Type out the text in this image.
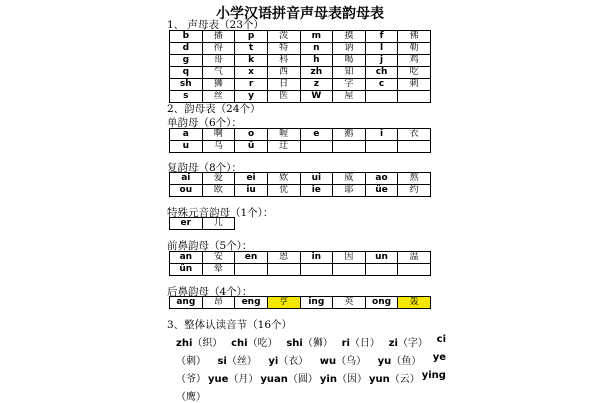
小学汉语拼音声母表韵母表
1、 声母表（23个）
b	播	p	泼	m	摸	f	佛
d	得	t	特	n	讷	l	勒
g	哥	k	科	h	喝	j	鸡
q	气	x	西	zh	知	ch	吃
sh	狮	r	日	z	字	c	刺
s	丝	y	医	W	屋		
2、韵母表（24个）
单韵母（6个）：
a	啊	o	喔	e	鹅	i	衣
u	乌	ü	迂				
复韵母（8个）：
ai	爱	ei	欸	ui	威	ao	熬
ou	欧	iu	优	ie	耶	üe	约
特殊元音韵母（1个）：
er	儿
前鼻韵母（5个）：
an	安	en	恩	in	因	un	温
ün	晕						
后鼻韵母（4个）：
ang	昂	eng	亨	ing	英	ong	轰
3、整体认读音节（16个）
zhi（织） chi（吃） shi（狮） ri（日） zi（字） ci
（刺） si（丝） yi（衣） wu（乌） yu（鱼） ye
（爷） yue（月） yuan（圆） yin（因） yun（云） ying
（鹰）
